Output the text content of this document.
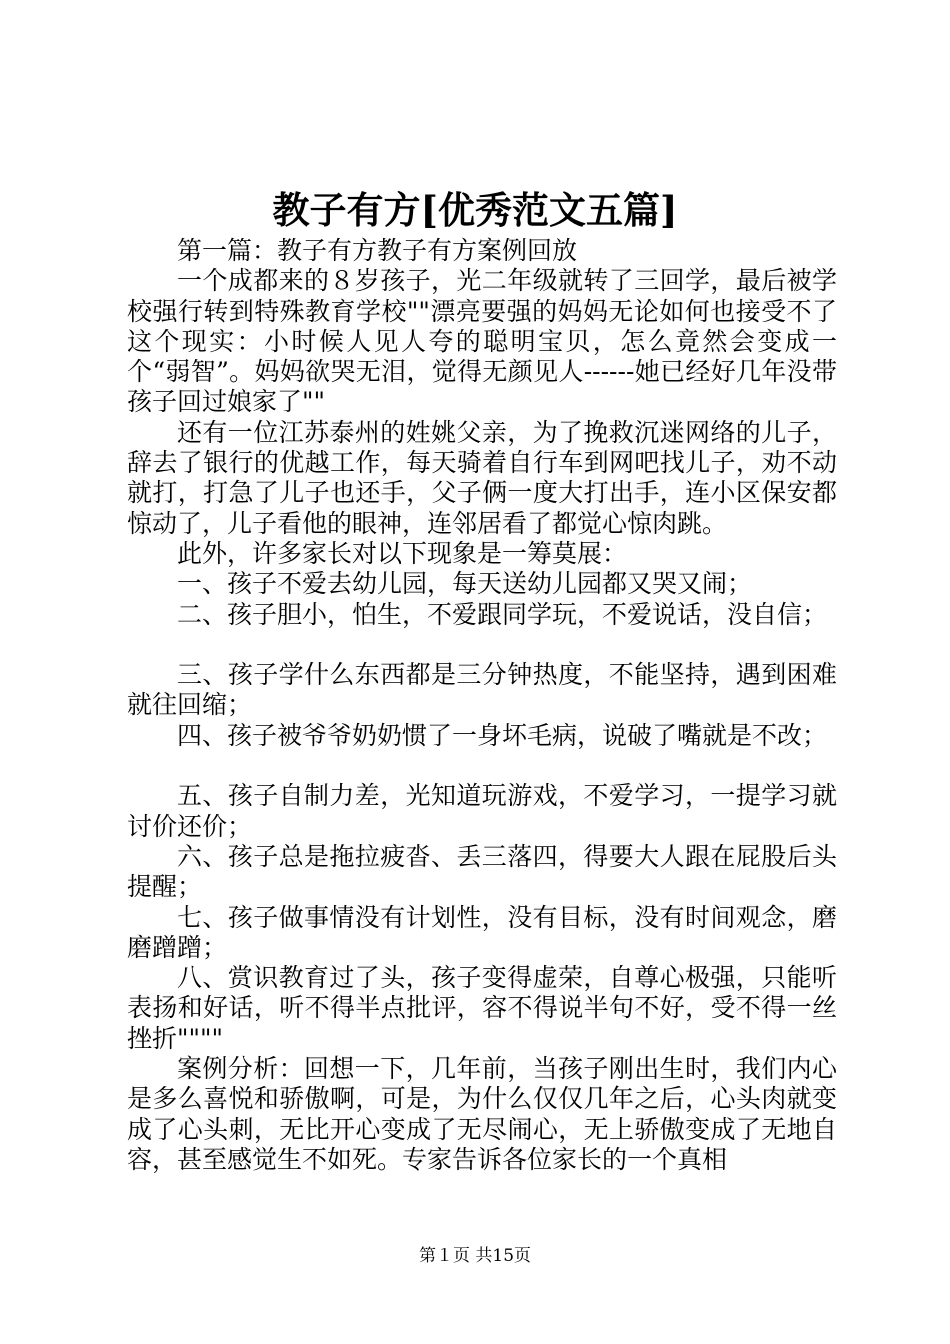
教子有方[优秀范文五篇]

第一篇：教子有方教子有方案例回放

一个成都来的８岁孩子，光二年级就转了三回学，最后被学校强行转到特殊教育学校""漂亮要强的妈妈无论如何也接受不了这个现实：小时候人见人夸的聪明宝贝，怎么竟然会变成一个“弱智”。妈妈欲哭无泪，觉得无颜见人------她已经好几年没带孩子回过娘家了""

还有一位江苏泰州的姓姚父亲，为了挽救沉迷网络的儿子，辞去了银行的优越工作，每天骑着自行车到网吧找儿子，劝不动就打，打急了儿子也还手，父子俩一度大打出手，连小区保安都惊动了，儿子看他的眼神，连邻居看了都觉心惊肉跳。

此外，许多家长对以下现象是一筹莫展：

一、孩子不爱去幼儿园，每天送幼儿园都又哭又闹；

二、孩子胆小，怕生，不爱跟同学玩，不爱说话，没自信；

三、孩子学什么东西都是三分钟热度，不能坚持，遇到困难就往回缩；

四、孩子被爷爷奶奶惯了一身坏毛病，说破了嘴就是不改；

五、孩子自制力差，光知道玩游戏，不爱学习，一提学习就讨价还价；

六、孩子总是拖拉疲沓、丢三落四，得要大人跟在屁股后头提醒；

七、孩子做事情没有计划性，没有目标，没有时间观念，磨磨蹭蹭；

八、赏识教育过了头，孩子变得虚荣，自尊心极强，只能听表扬和好话，听不得半点批评，容不得说半句不好，受不得一丝挫折""""

案例分析：回想一下，几年前，当孩子刚出生时，我们内心是多么喜悦和骄傲啊，可是，为什么仅仅几年之后，心头肉就变成了心头刺，无比开心变成了无尽闹心，无上骄傲变成了无地自容，甚至感觉生不如死。专家告诉各位家长的一个真相

第１页 共15页
